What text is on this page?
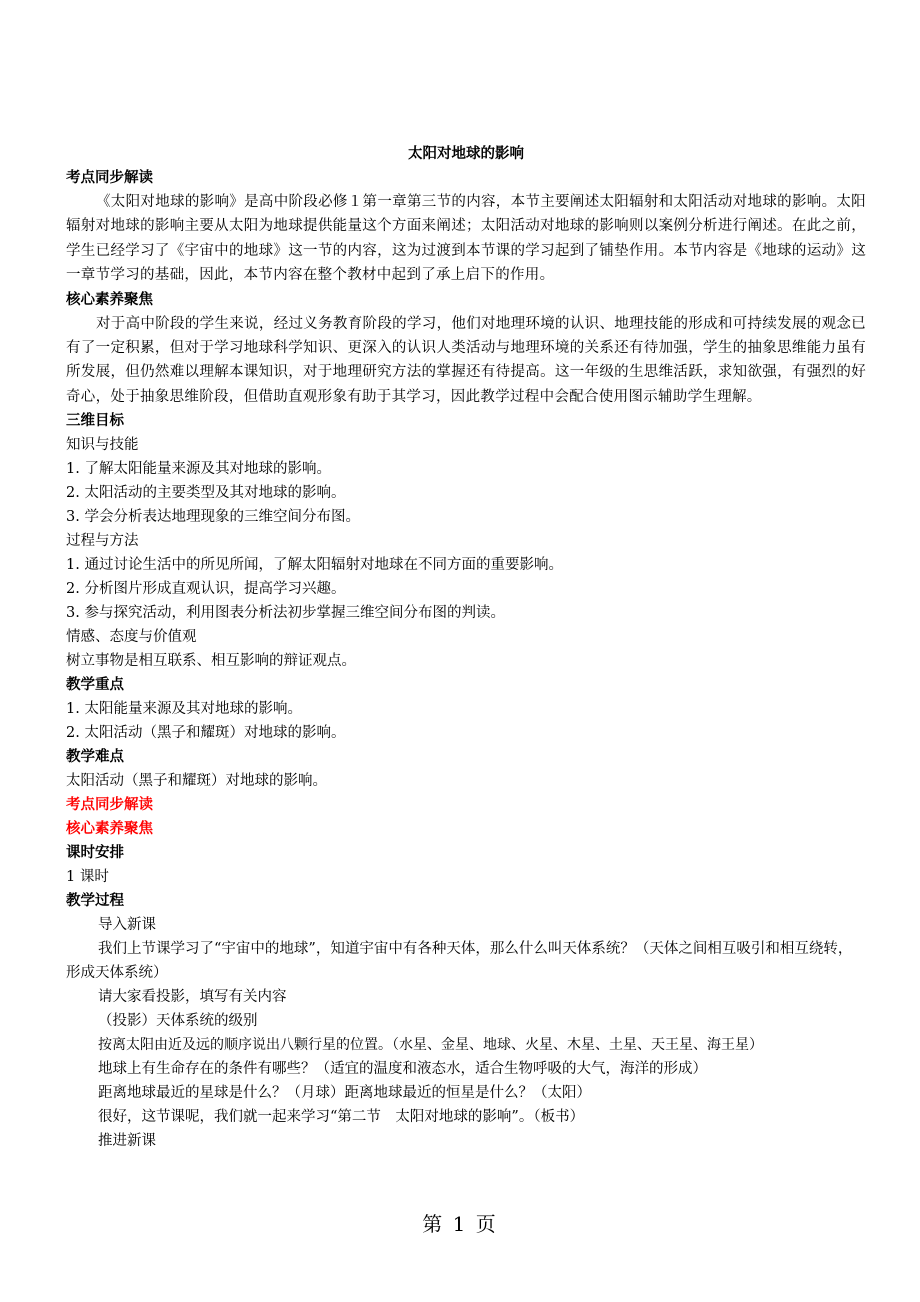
太阳对地球的影响

考点同步解读

《太阳对地球的影响》是高中阶段必修１第一章第三节的内容，本节主要阐述太阳辐射和太阳活动对地球的影响。太阳辐射对地球的影响主要从太阳为地球提供能量这个方面来阐述；太阳活动对地球的影响则以案例分析进行阐述。在此之前，学生已经学习了《宇宙中的地球》这一节的内容，这为过渡到本节课的学习起到了铺垫作用。本节内容是《地球的运动》这一章节学习的基础，因此，本节内容在整个教材中起到了承上启下的作用。

核心素养聚焦

对于高中阶段的学生来说，经过义务教育阶段的学习，他们对地理环境的认识、地理技能的形成和可持续发展的观念已有了一定积累，但对于学习地球科学知识、更深入的认识人类活动与地理环境的关系还有待加强，学生的抽象思维能力虽有所发展，但仍然难以理解本课知识，对于地理研究方法的掌握还有待提高。这一年级的生思维活跃，求知欲强，有强烈的好奇心，处于抽象思维阶段，但借助直观形象有助于其学习，因此教学过程中会配合使用图示辅助学生理解。

三维目标

知识与技能

1. 了解太阳能量来源及其对地球的影响。

2. 太阳活动的主要类型及其对地球的影响。

3. 学会分析表达地理现象的三维空间分布图。

过程与方法

1. 通过讨论生活中的所见所闻，了解太阳辐射对地球在不同方面的重要影响。

2. 分析图片形成直观认识，提高学习兴趣。

3. 参与探究活动，利用图表分析法初步掌握三维空间分布图的判读。

情感、态度与价值观

树立事物是相互联系、相互影响的辩证观点。

教学重点

1. 太阳能量来源及其对地球的影响。

2. 太阳活动（黑子和耀斑）对地球的影响。

教学难点

太阳活动（黑子和耀斑）对地球的影响。

考点同步解读

核心素养聚焦

课时安排

1 课时

教学过程

导入新课

我们上节课学习了“宇宙中的地球”，知道宇宙中有各种天体，那么什么叫天体系统？（天体之间相互吸引和相互绕转，形成天体系统）

请大家看投影，填写有关内容

（投影）天体系统的级别

按离太阳由近及远的顺序说出八颗行星的位置。（水星、金星、地球、火星、木星、土星、天王星、海王星）

地球上有生命存在的条件有哪些？（适宜的温度和液态水，适合生物呼吸的大气，海洋的形成）

距离地球最近的星球是什么？（月球）距离地球最近的恒星是什么？（太阳）

很好，这节课呢，我们就一起来学习“第二节　太阳对地球的影响”。（板书）

推进新课

第 1 页
